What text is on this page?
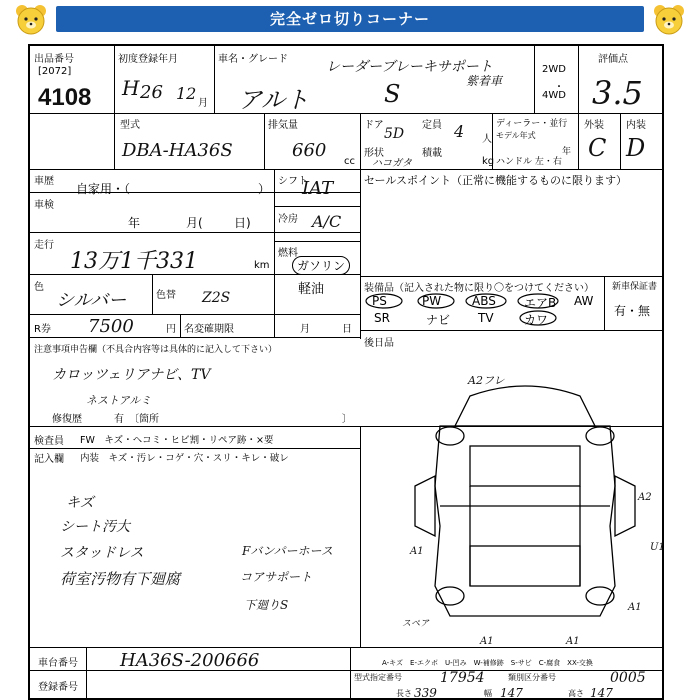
完全ゼロ切りコーナー
出品番号
[2072]
4108
初度登録年月
H 26 12
月
車名・グレード	レーダーブレーキサポート
紫着車
アルト	S
2WD
・
4WD
評価点
3.5
型式
DBA-HA36S
排気量
660
cc
ドア
5D
定員 4 人
形状
ハコガタ
積載
kg
ディーラー・並行
モデル年式
年
ハンドル 左・右
外装 内装
C D
車歴
自家用・（	）
車検
年	月(	日)
走行
13万1千331	km
色
シルバー	色替 Z2S
R券 7500	円 名変確期限	月	日
注意事項申告欄（不具合内容等は具体的に記入して下さい）
カロッツェリアナビ、TV
ネストアルミ
修復歴	有　〔箇所	〕
シフト
IAT
冷房 A/C
燃料
ガソリン
軽油
セールスポイント（正常に機能するものに限ります）
装備品（記入された物に限り〇をつけてください） 新車保証書
有・無
PS	PW	ABS エアB AW
SR	ナビ TV	カワ
後日品
A2フレ
A2
A1	U1
A1
A1	A1
スペア
A-キズ　E-エクボ　U-凹み　W-補修跡　S-サビ　C-腐食　XX-交換
検査員
記入欄
FW　キズ・ヘコミ・ヒビ割・リペア跡・×要
内装　キズ・汚レ・コゲ・穴・スリ・キレ・破レ
キズ
シート汚大
スタッドレス
荷室汚物有下廻腐
Fバンパーホース
コアサポート
下廻りS
車台番号 HA36S-200666
登録番号
型式指定番号	17954	類別区分番号	0005
長さ 339	幅 147	高さ 147
